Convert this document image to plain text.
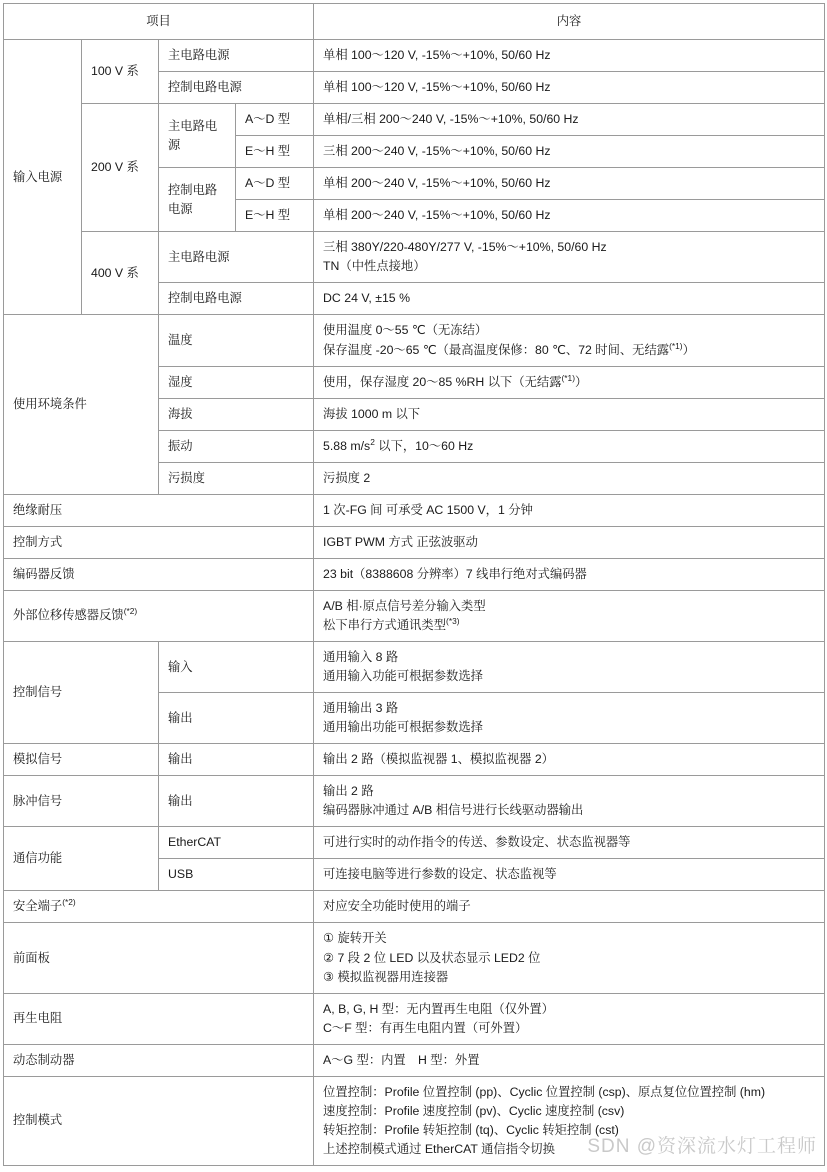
项目				内容
输入电源	100 V 系	主电路电源		单相 100～120 V, -15%～+10%, 50/60 Hz
		控制电路电源		单相 100～120 V, -15%～+10%, 50/60 Hz
	200 V 系	主电路电源	A～D 型	单相/三相 200～240 V, -15%～+10%, 50/60 Hz
			E～H 型	三相 200～240 V, -15%～+10%, 50/60 Hz
		控制电路电源	A～D 型	单相 200～240 V, -15%～+10%, 50/60 Hz
			E～H 型	单相 200～240 V, -15%～+10%, 50/60 Hz
	400 V 系	主电路电源		三相 380Y/220-480Y/277 V, -15%～+10%, 50/60 Hz
TN（中性点接地）

		控制电路电源		DC 24 V, ±15 %
使用环境条件		温度		使用温度 0～55 ℃（无冻结）
保存温度 -20～65 ℃（最高温度保修：80 ℃、72 时间、无结露$^{(*1)}$）

		湿度		使用，保存湿度 20～85 %RH 以下（无结露$^{(*1)}$）
		海拔		海拔 1000 m 以下
		振动		5.88 $m/s^2$ 以下，10～60 Hz
		污损度		污损度 2
绝缘耐压				1 次-FG 间 可承受 AC 1500 V，1 分钟
控制方式				IGBT PWM 方式 正弦波驱动
编码器反馈				23 bit（8388608 分辨率）7 线串行绝对式编码器
外部位移传感器反馈$^{(*2)}$				A/B 相·原点信号差分输入类型
松下串行方式通讯类型$^{(*3)}$

控制信号		输入		通用输入 8 路
通用输入功能可根据参数选择

		输出		通用输出 3 路
通用输出功能可根据参数选择

模拟信号		输出		输出 2 路（模拟监视器 1、模拟监视器 2）
脉冲信号		输出		输出 2 路
编码器脉冲通过 A/B 相信号进行长线驱动器输出

通信功能		EtherCAT		可进行实时的动作指令的传送、参数设定、状态监视器等
		USB		可连接电脑等进行参数的设定、状态监视等
安全端子$^{(*2)}$				对应安全功能时使用的端子
前面板				① 旋转开关
② 7 段 2 位 LED 以及状态显示 LED2 位
③ 模拟监视器用连接器

再生电阻				A, B, G, H 型：无内置再生电阻（仅外置）
C～F 型：有再生电阻内置（可外置）

动态制动器				A～G 型：内置　H 型：外置
控制模式				位置控制：Profile 位置控制 (pp)、Cyclic 位置控制 (csp)、原点复位位置控制 (hm)
速度控制：Profile 速度控制 (pv)、Cyclic 速度控制 (csv)
转矩控制：Profile 转矩控制 (tq)、Cyclic 转矩控制 (cst)
上述控制模式通过 EtherCAT 通信指令切换	SDN @资深流水灯工程师
